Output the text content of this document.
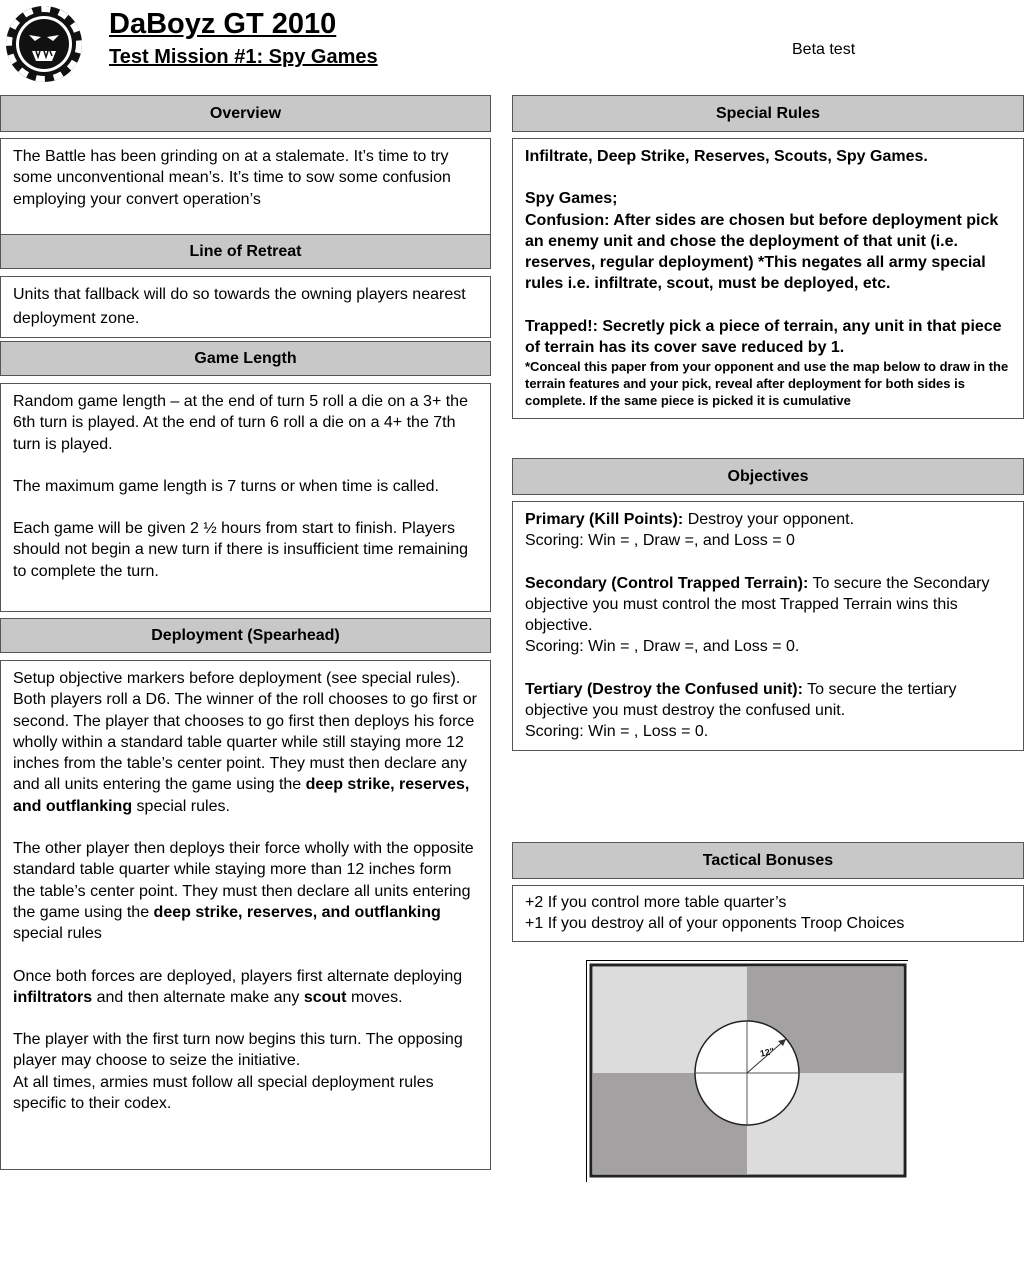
DaBoyz GT 2010
Test Mission #1: Spy Games	Beta test
Overview

The Battle has been grinding on at a stalemate. It’s time to try some unconventional mean’s. It’s time to sow some confusion employing your convert operation’s

Line of Retreat

Units that fallback will do so towards the owning players nearest deployment zone.

Game Length

Random game length – at the end of turn 5 roll a die on a 3+ the 6th turn is played. At the end of turn 6 roll a die on a 4+ the 7th turn is played.

The maximum game length is 7 turns or when time is called.

Each game will be given 2 ½ hours from start to finish. Players should not begin a new turn if there is insufficient time remaining to complete the turn.

Deployment (Spearhead)

Setup objective markers before deployment (see special rules). Both players roll a D6. The winner of the roll chooses to go first or second. The player that chooses to go first then deploys his force wholly within a standard table quarter while still staying more 12 inches from the table’s center point. They must then declare any and all units entering the game using the deep strike, reserves, and outflanking special rules.

The other player then deploys their force wholly with the opposite standard table quarter while staying more than 12 inches form the table’s center point. They must then declare all units entering the game using the deep strike, reserves, and outflanking special rules

Once both forces are deployed, players first alternate deploying infiltrators and then alternate make any scout moves.

The player with the first turn now begins this turn. The opposing player may choose to seize the initiative.

At all times, armies must follow all special deployment rules specific to their codex.

Special Rules

Infiltrate, Deep Strike, Reserves, Scouts, Spy Games.

Spy Games;

Confusion: After sides are chosen but before deployment pick an enemy unit and chose the deployment of that unit (i.e. reserves, regular deployment) *This negates all army special rules i.e. infiltrate, scout, must be deployed, etc.

Trapped!: Secretly pick a piece of terrain, any unit in that piece of terrain has its cover save reduced by 1.

*Conceal this paper from your opponent and use the map below to draw in the terrain features and your pick, reveal after deployment for both sides is complete. If the same piece is picked it is cumulative

Objectives

Primary (Kill Points): Destroy your opponent.

Scoring: Win = , Draw =, and Loss = 0

Secondary (Control Trapped Terrain): To secure the Secondary objective you must control the most Trapped Terrain wins this objective.

Scoring: Win = , Draw =, and Loss = 0.

Tertiary (Destroy the Confused unit): To secure the tertiary objective you must destroy the confused unit.

Scoring: Win = , Loss = 0.

Tactical Bonuses

+2 If you control more table quarter’s

+1 If you destroy all of your opponents Troop Choices

12"
